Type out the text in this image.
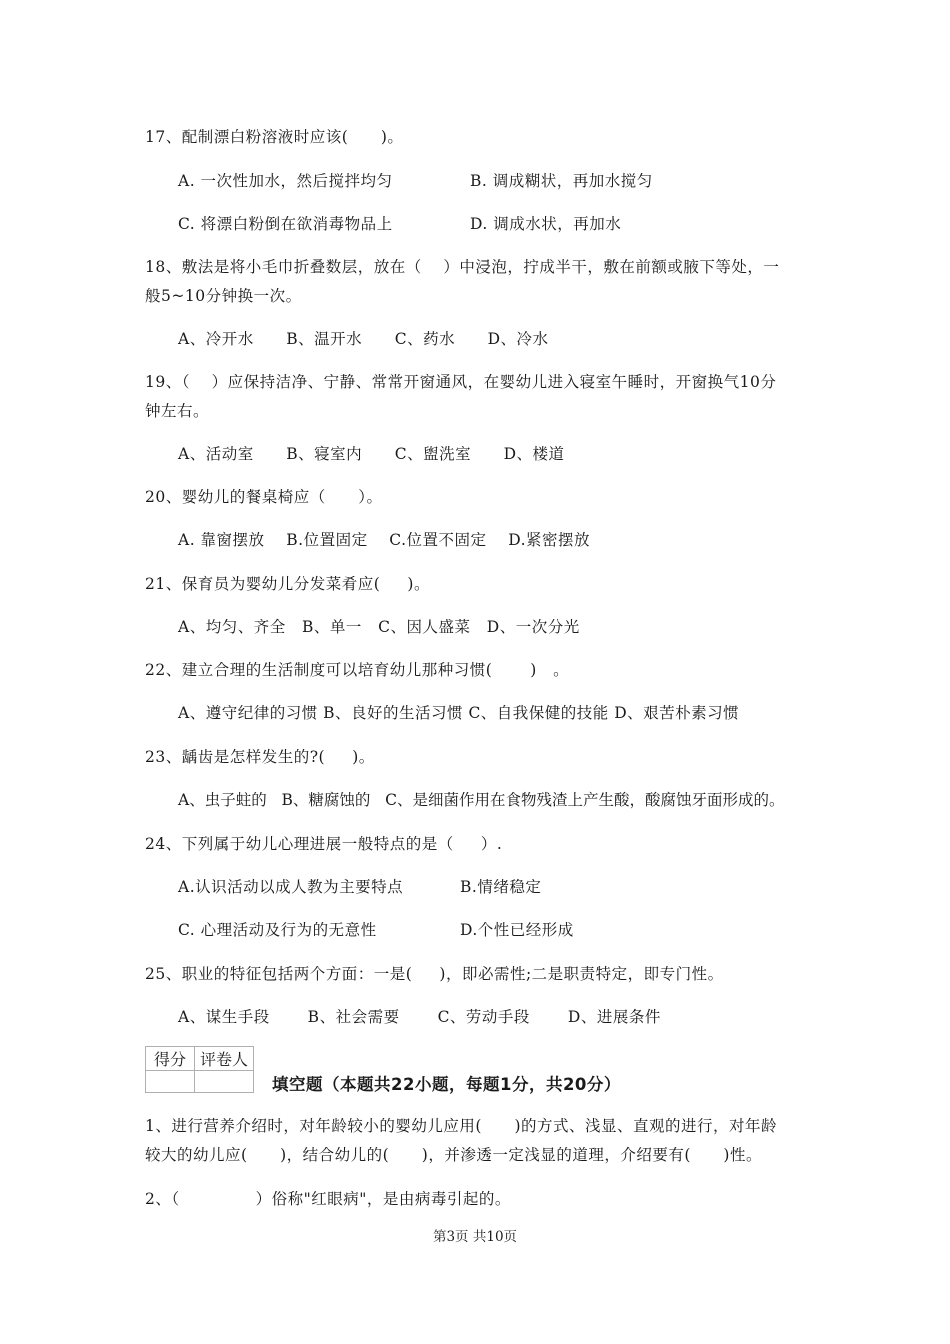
17、配制漂白粉溶液时应该(      )。
A. 一次性加水，然后搅拌均匀	B. 调成糊状，再加水搅匀
C. 将漂白粉倒在欲消毒物品上	D. 调成水状，再加水
18、敷法是将小毛巾折叠数层，放在（    ）中浸泡，拧成半干，敷在前额或腋下等处，一
般5~10分钟换一次。
A、冷开水      B、温开水      C、药水      D、冷水
19、（    ）应保持洁净、宁静、常常开窗通风，在婴幼儿进入寝室午睡时，开窗换气10分
钟左右。
A、活动室      B、寝室内      C、盥洗室      D、楼道
20、婴幼儿的餐桌椅应（      ）。
A. 靠窗摆放    B.位置固定    C.位置不固定    D.紧密摆放
21、保育员为婴幼儿分发菜肴应(     )。
A、均匀、齐全   B、单一   C、因人盛菜   D、一次分光
22、建立合理的生活制度可以培育幼儿那种习惯(       )   。
A、遵守纪律的习惯 B、良好的生活习惯 C、自我保健的技能 D、艰苦朴素习惯
23、龋齿是怎样发生的?(     )。
A、虫子蛀的   B、糖腐蚀的   C、是细菌作用在食物残渣上产生酸，酸腐蚀牙面形成的。
24、下列属于幼儿心理进展一般特点的是（     ）.
A.认识活动以成人教为主要特点	B.情绪稳定
C. 心理活动及行为的无意性	D.个性已经形成
25、职业的特征包括两个方面：一是(     )，即必需性;二是职责特定，即专门性。
A、谋生手段       B、社会需要       C、劳动手段       D、进展条件
得分	评卷人

填空题（本题共22小题，每题1分，共20分）
1、进行营养介绍时，对年龄较小的婴幼儿应用(      )的方式、浅显、直观的进行，对年龄
较大的幼儿应(      )，结合幼儿的(      )，并渗透一定浅显的道理，介绍要有(      )性。
2、（              ）俗称"红眼病"，是由病毒引起的。
第3页 共10页
